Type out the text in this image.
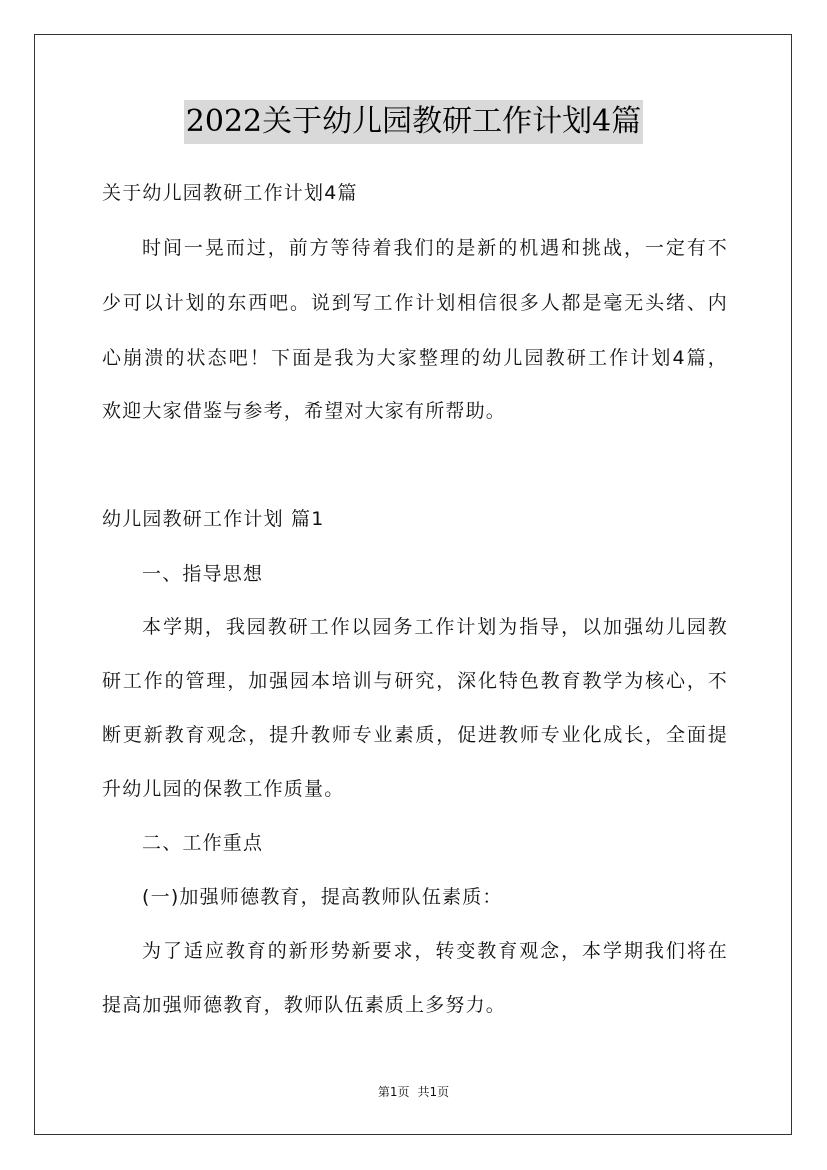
2022关于幼儿园教研工作计划4篇
关于幼儿园教研工作计划4篇
时间一晃而过，前方等待着我们的是新的机遇和挑战，一定有不
少可以计划的东西吧。说到写工作计划相信很多人都是毫无头绪、内
心崩溃的状态吧！下面是我为大家整理的幼儿园教研工作计划4篇，
欢迎大家借鉴与参考，希望对大家有所帮助。
幼儿园教研工作计划 篇1
一、指导思想
本学期，我园教研工作以园务工作计划为指导，以加强幼儿园教
研工作的管理，加强园本培训与研究，深化特色教育教学为核心，不
断更新教育观念，提升教师专业素质，促进教师专业化成长，全面提
升幼儿园的保教工作质量。
二、工作重点
(一)加强师德教育，提高教师队伍素质：
为了适应教育的新形势新要求，转变教育观念，本学期我们将在
提高加强师德教育，教师队伍素质上多努力。
第1页 共1页
